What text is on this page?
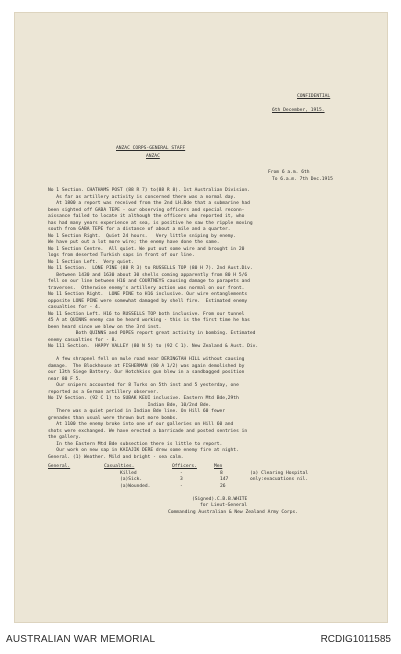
CONFIDENTIAL
6th December, 1915.
ANZAC CORPS-GENERAL STAFF
ANZAC
From 6 a.m. 6th
To 6.a.m. 7th Dec.1915
No 1 Section. CHATHAMS POST (88 R 7) to(88 R 8). 1st Australian Division.
As far as artillery activity is concerned there was a normal day.
At 1800 a report was received from the 2nd LH.Bde that a submarine had
been sighted off GABA TEPE - our observing officers and special reconn-
aissance failed to locate it although the officers who reported it, who
has had many years experience at sea, is positive he saw the ripple moving
south from GABA TEPE for a distance of about a mile and a quarter.
No 1 Section Right.  Quiet 24 hours.   Very little sniping by enemy.
We have put out a lot more wire; the enemy have done the same.
No 1 Section Centre.  All quiet. We put out some wire and brought in 20
logs from deserted Turkish saps in front of our line.
No 1 Section Left.  Very quiet.
No 11 Section.  LONE PINE (88 R 3) to RUSSELLS TOP (80 H 7). 2nd Aust.Div.
Between 1430 and 1630 about 30 shells coming apparently from 80 H 5/6
fell on our line between H16 and COURTNEYS causing damage to parapets and
traverses.  Otherwise enemy's artillery action was normal on our front.
No 11 Section Right.  LONE PINE to H16 inclusive. Our wire entanglements
opposite LONE PINE were somewhat damaged by shell fire.  Estimated enemy
casualties for - 4.
No 11 Section Left. H16 to RUSSELLS TOP both inclusive. From our tunnel
45 A at QUINNS enemy can be heard working - this is the first time he has
been heard since we blew on the 3rd inst.
Both QUINNS and POPES report great activity in bombing. Estimated
enemy casualties for - 8.
No 111 Section.  HAPPY VALLEY (80 N 5) to (92 C 1). New Zealand & Aust. Div.
A few shrapnel fell on mule road near DERINGTAH HILL without causing
damage.  The Blockhouse at FISHERMAN (80 A 1/2) was again demolished by
our 13th Siege Battery. Our Hotchkiss gun blew in a sandbagged position
near 80 F 5.
Our snipers accounted for 8 Turks on 5th inst and 5 yesterday, one
reported as a German artillery observer.
No IV Section. (92 C 1) to SUBAK KEUI inclusive. Eastern Mtd Bde,29th
Indian Bde, 10/2nd Bde.
There was a quiet period in Indian Bde line. On Hill 60 fewer
grenades than usual were thrown but more bombs.
At 1100 the enemy broke into one of our galleries on Hill 60 and
shots were exchanged. We have erected a barricade and posted sentries in
the gallery.
In the Eastern Mtd Bde subsection there is little to report.
Our work on new sap in KAIAJIK DERE drew some enemy fire at night.
General. (1) Weather. Mild and bright - sea calm.
General.	Casualties.	Officers.	Men
Killed	-	8	(a) Clearing Hospital
(a)Sick.	3	147	only:evacuations nil.
(a)Wounded.	-	26
(Signed).C.B.B.WHITE
for Lieut-General
Commanding Australian & New Zealand Army Corps.
AUSTRALIAN WAR MEMORIAL	RCDIG1011585
